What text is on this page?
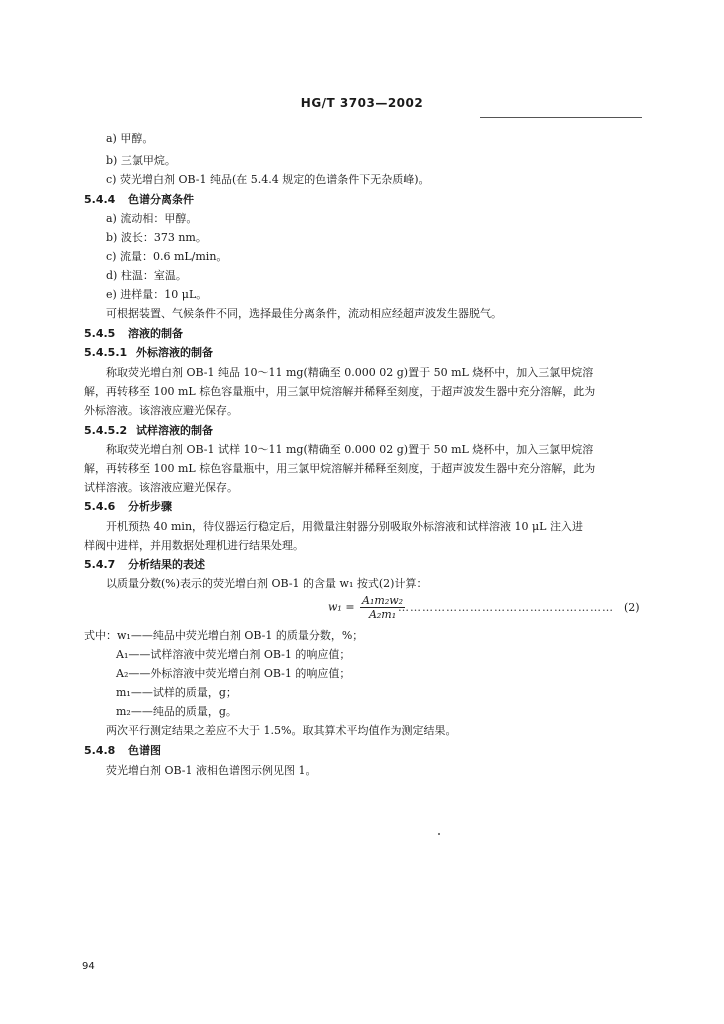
HG/T 3703—2002
a) 甲醇。
b) 三氯甲烷。
c) 荧光增白剂 OB-1 纯品(在 5.4.4 规定的色谱条件下无杂质峰)。
5.4.4 色谱分离条件
a) 流动相：甲醇。
b) 波长：373 nm。
c) 流量：0.6 mL/min。
d) 柱温：室温。
e) 进样量：10 μL。
可根据装置、气候条件不同，选择最佳分离条件，流动相应经超声波发生器脱气。
5.4.5 溶液的制备
5.4.5.1 外标溶液的制备
称取荧光增白剂 OB-1 纯品 10～11 mg(精确至 0.000 02 g)置于 50 mL 烧杯中，加入三氯甲烷溶
解，再转移至 100 mL 棕色容量瓶中，用三氯甲烷溶解并稀释至刻度，于超声波发生器中充分溶解，此为
外标溶液。该溶液应避光保存。
5.4.5.2 试样溶液的制备
称取荧光增白剂 OB-1 试样 10～11 mg(精确至 0.000 02 g)置于 50 mL 烧杯中，加入三氯甲烷溶
解，再转移至 100 mL 棕色容量瓶中，用三氯甲烷溶解并稀释至刻度，于超声波发生器中充分溶解，此为
试样溶液。该溶液应避光保存。
5.4.6 分析步骤
开机预热 40 min，待仪器运行稳定后，用微量注射器分别吸取外标溶液和试样溶液 10 μL 注入进
样阀中进样，并用数据处理机进行结果处理。
5.4.7 分析结果的表述
以质量分数(%)表示的荧光增白剂 OB-1 的含量 w₁ 按式(2)计算：
$w_1 = \frac{\text{A₁m₂w₂}}{\text{A₂m₁}}$
……………………………………………… (2)
式中：w₁——纯品中荧光增白剂 OB-1 的质量分数，%；
A₁——试样溶液中荧光增白剂 OB-1 的响应值；
A₂——外标溶液中荧光增白剂 OB-1 的响应值；
m₁——试样的质量，g；
m₂——纯品的质量，g。
两次平行测定结果之差应不大于 1.5%。取其算术平均值作为测定结果。
5.4.8 色谱图
荧光增白剂 OB-1 液相色谱图示例见图 1。
94
